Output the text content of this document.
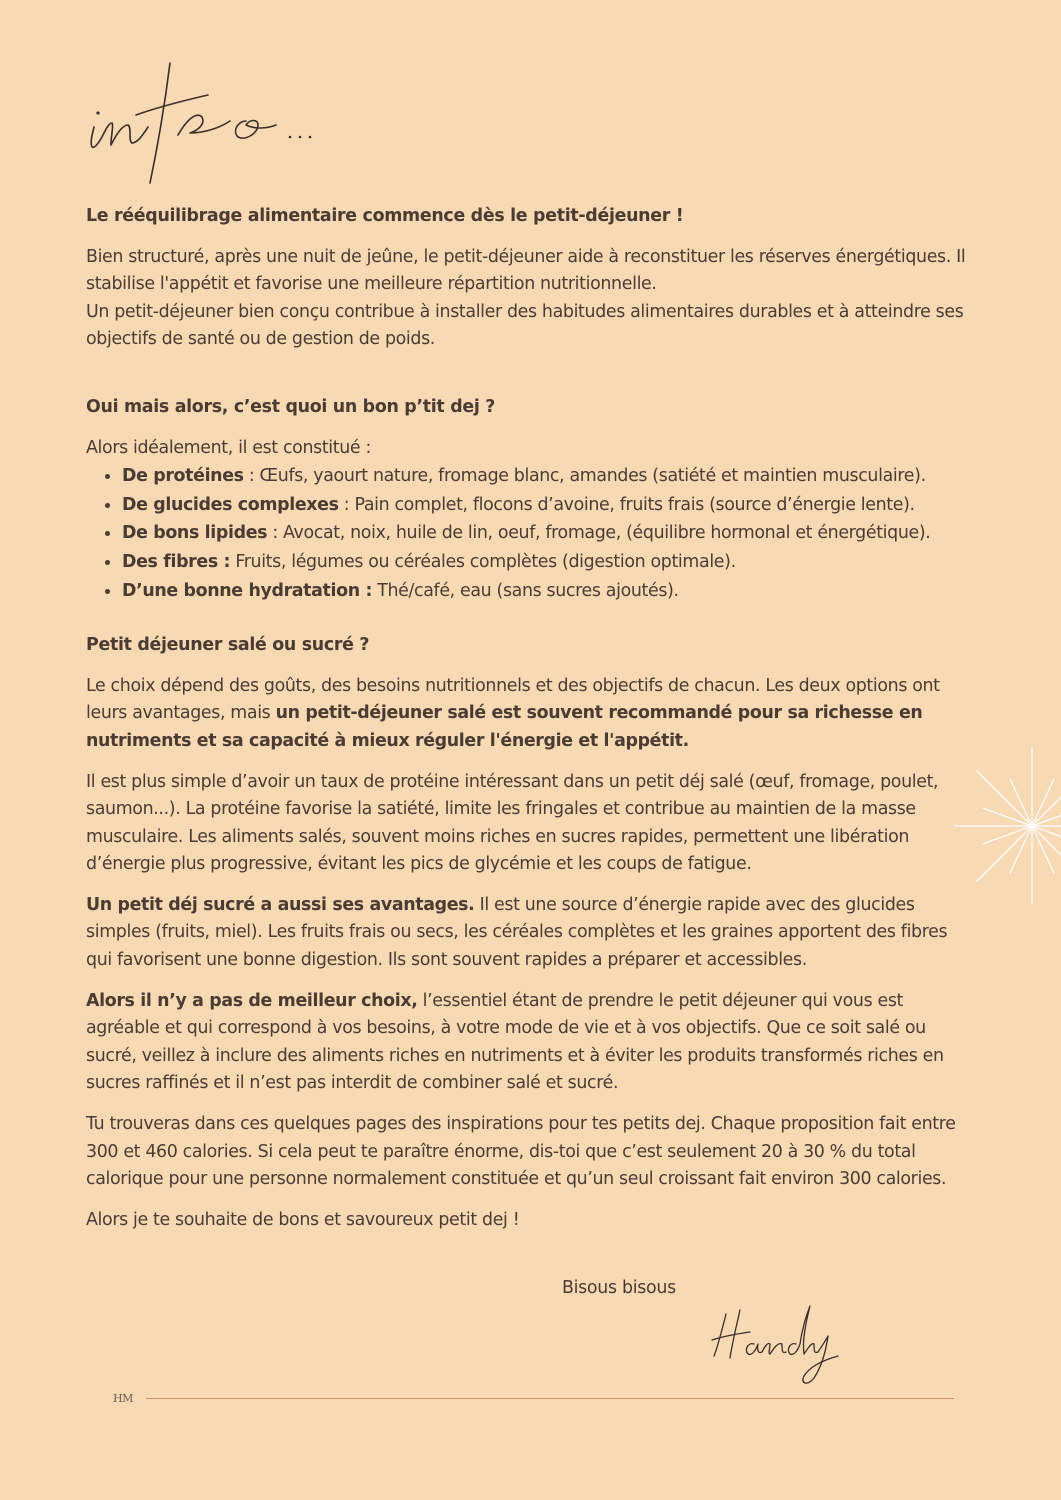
Le rééquilibrage alimentaire commence dès le petit-déjeuner !

Bien structuré, après une nuit de jeûne, le petit-déjeuner aide à reconstituer les réserves énergétiques. Il stabilise l'appétit et favorise une meilleure répartition nutritionnelle.
Un petit-déjeuner bien conçu contribue à installer des habitudes alimentaires durables et à atteindre ses objectifs de santé ou de gestion de poids.

Oui mais alors, c’est quoi un bon p’tit dej ?
Alors idéalement, il est constitué :
• De protéines : Œufs, yaourt nature, fromage blanc, amandes (satiété et maintien musculaire).
• De glucides complexes : Pain complet, flocons d’avoine, fruits frais (source d’énergie lente).
• De bons lipides : Avocat, noix, huile de lin, oeuf, fromage, (équilibre hormonal et énergétique).
• Des fibres : Fruits, légumes ou céréales complètes (digestion optimale).
• D’une bonne hydratation : Thé/café, eau (sans sucres ajoutés).
Petit déjeuner salé ou sucré ?

Le choix dépend des goûts, des besoins nutritionnels et des objectifs de chacun. Les deux options ont leurs avantages, mais un petit-déjeuner salé est souvent recommandé pour sa richesse en nutriments et sa capacité à mieux réguler l'énergie et l'appétit.

Il est plus simple d’avoir un taux de protéine intéressant dans un petit déj salé (œuf, fromage, poulet, saumon...). La protéine favorise la satiété, limite les fringales et contribue au maintien de la masse musculaire. Les aliments salés, souvent moins riches en sucres rapides, permettent une libération d’énergie plus progressive, évitant les pics de glycémie et les coups de fatigue.

Un petit déj sucré a aussi ses avantages. Il est une source d’énergie rapide avec des glucides simples (fruits, miel). Les fruits frais ou secs, les céréales complètes et les graines apportent des fibres qui favorisent une bonne digestion. Ils sont souvent rapides a préparer et accessibles.

Alors il n’y a pas de meilleur choix, l’essentiel étant de prendre le petit déjeuner qui vous est agréable et qui correspond à vos besoins, à votre mode de vie et à vos objectifs. Que ce soit salé ou sucré, veillez à inclure des aliments riches en nutriments et à éviter les produits transformés riches en sucres raffinés et il n’est pas interdit de combiner salé et sucré.

Tu trouveras dans ces quelques pages des inspirations pour tes petits dej. Chaque proposition fait entre 300 et 460 calories. Si cela peut te paraître énorme, dis-toi que c’est seulement 20 à 30 % du total calorique pour une personne normalement constituée et qu’un seul croissant fait environ 300 calories.

Alors je te souhaite de bons et savoureux petit dej !

Bisous bisous
HM
